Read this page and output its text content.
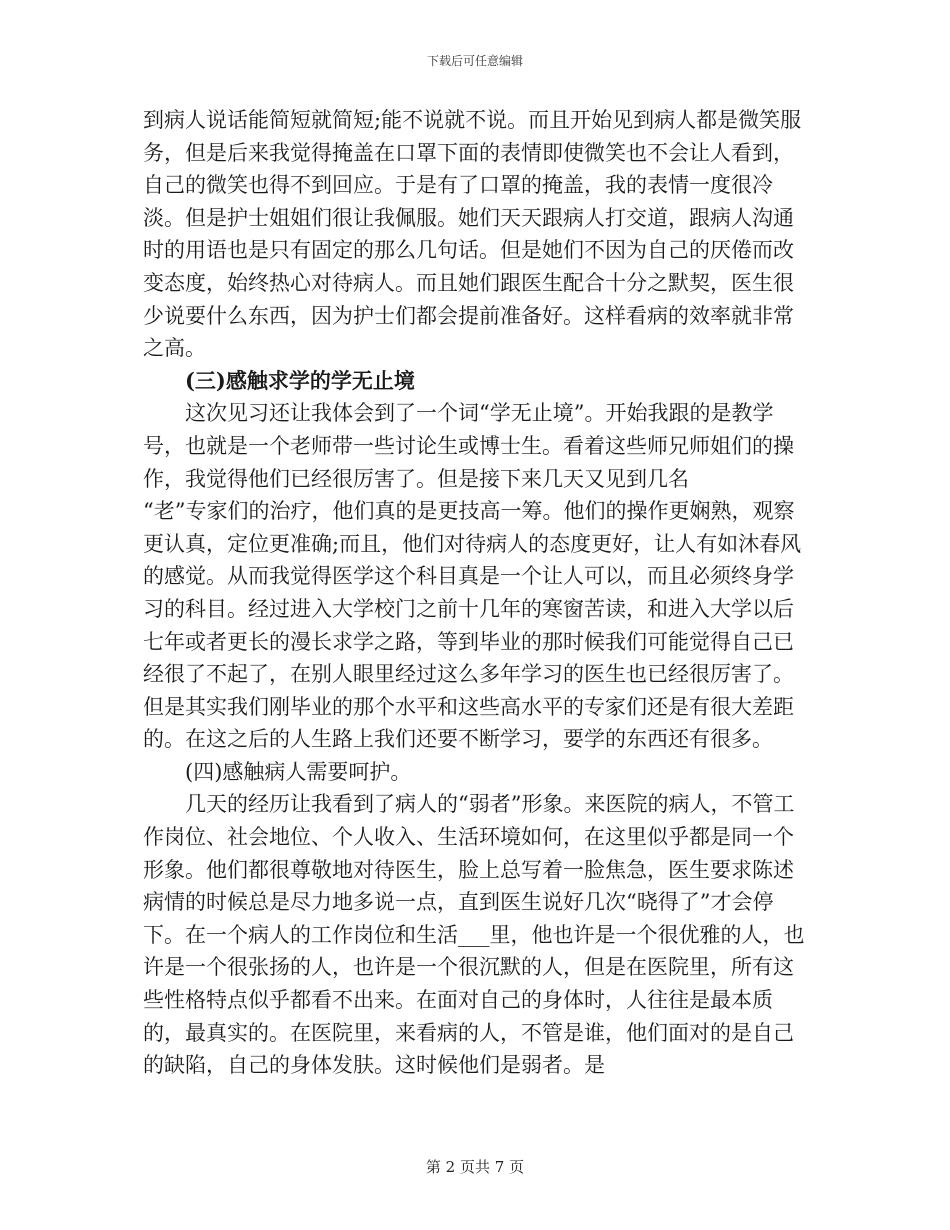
下载后可任意编辑

到病人说话能简短就简短;能不说就不说。而且开始见到病人都是微笑服务，但是后来我觉得掩盖在口罩下面的表情即使微笑也不会让人看到，自己的微笑也得不到回应。于是有了口罩的掩盖，我的表情一度很冷淡。但是护士姐姐们很让我佩服。她们天天跟病人打交道，跟病人沟通时的用语也是只有固定的那么几句话。但是她们不因为自己的厌倦而改变态度，始终热心对待病人。而且她们跟医生配合十分之默契，医生很少说要什么东西，因为护士们都会提前准备好。这样看病的效率就非常之高。

(三)感触求学的学无止境

这次见习还让我体会到了一个词“学无止境”。开始我跟的是教学号，也就是一个老师带一些讨论生或博士生。看着这些师兄师姐们的操作，我觉得他们已经很厉害了。但是接下来几天又见到几名

“老”专家们的治疗，他们真的是更技高一筹。他们的操作更娴熟，观察更认真，定位更准确;而且，他们对待病人的态度更好，让人有如沐春风的感觉。从而我觉得医学这个科目真是一个让人可以，而且必须终身学习的科目。经过进入大学校门之前十几年的寒窗苦读，和进入大学以后七年或者更长的漫长求学之路，等到毕业的那时候我们可能觉得自己已经很了不起了，在别人眼里经过这么多年学习的医生也已经很厉害了。但是其实我们刚毕业的那个水平和这些高水平的专家们还是有很大差距的。在这之后的人生路上我们还要不断学习，要学的东西还有很多。

(四)感触病人需要呵护。

几天的经历让我看到了病人的“弱者”形象。来医院的病人，不管工作岗位、社会地位、个人收入、生活环境如何，在这里似乎都是同一个形象。他们都很尊敬地对待医生，脸上总写着一脸焦急，医生要求陈述病情的时候总是尽力地多说一点，直到医生说好几次“晓得了”才会停下。在一个病人的工作岗位和生活___里，他也许是一个很优雅的人，也许是一个很张扬的人，也许是一个很沉默的人，但是在医院里，所有这些性格特点似乎都看不出来。在面对自己的身体时，人往往是最本质的，最真实的。在医院里，来看病的人，不管是谁，他们面对的是自己的缺陷，自己的身体发肤。这时候他们是弱者。是

第 2 页共 7 页
